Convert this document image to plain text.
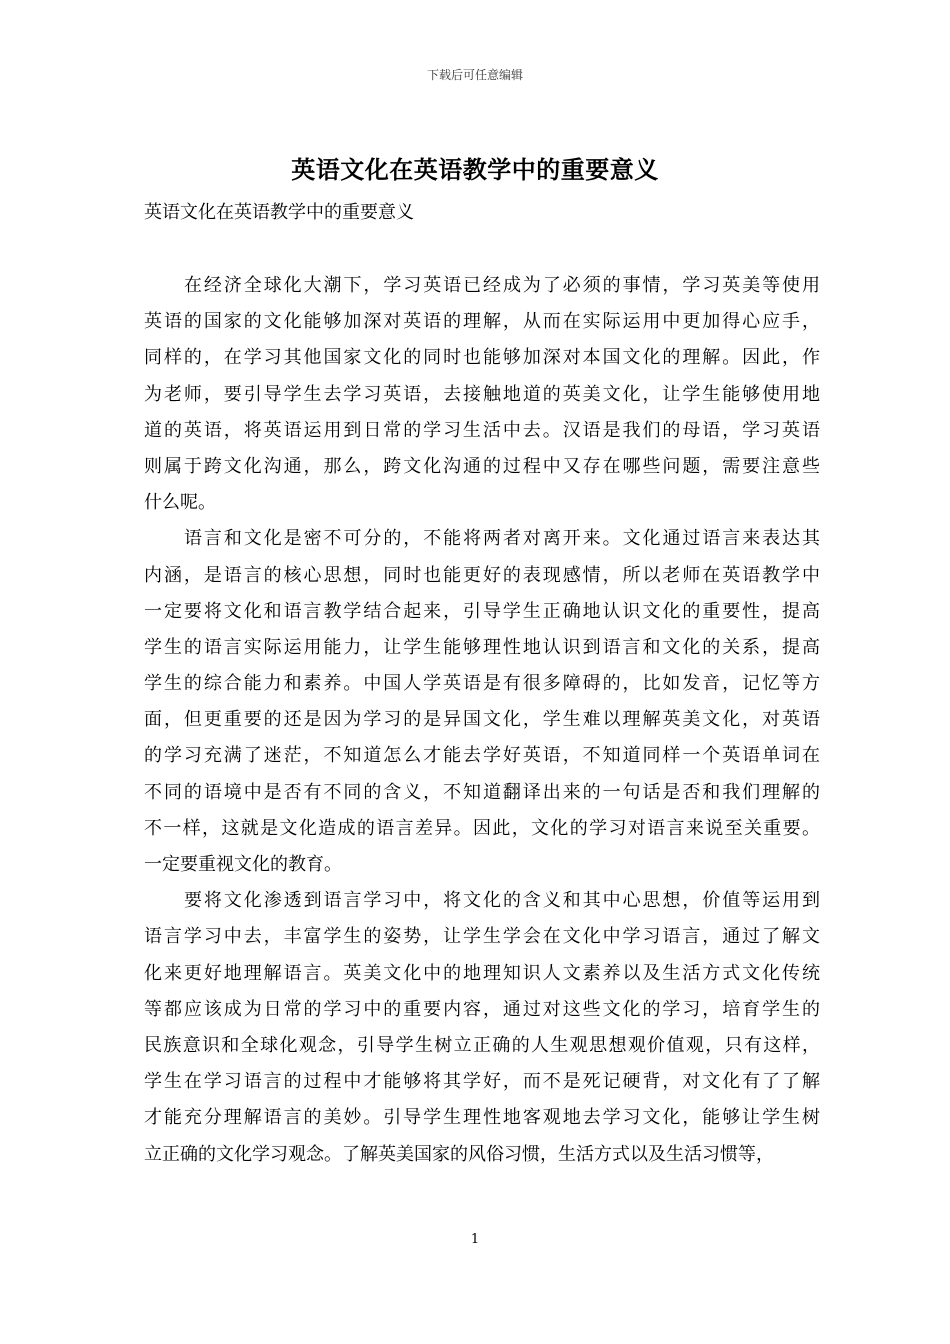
下载后可任意编辑
英语文化在英语教学中的重要意义
英语文化在英语教学中的重要意义
在经济全球化大潮下，学习英语已经成为了必须的事情，学习英美等使用
英语的国家的文化能够加深对英语的理解，从而在实际运用中更加得心应手，
同样的，在学习其他国家文化的同时也能够加深对本国文化的理解。因此，作
为老师，要引导学生去学习英语，去接触地道的英美文化，让学生能够使用地
道的英语，将英语运用到日常的学习生活中去。汉语是我们的母语，学习英语
则属于跨文化沟通，那么，跨文化沟通的过程中又存在哪些问题，需要注意些
什么呢。
语言和文化是密不可分的，不能将两者对离开来。文化通过语言来表达其
内涵，是语言的核心思想，同时也能更好的表现感情，所以老师在英语教学中
一定要将文化和语言教学结合起来，引导学生正确地认识文化的重要性，提高
学生的语言实际运用能力，让学生能够理性地认识到语言和文化的关系，提高
学生的综合能力和素养。中国人学英语是有很多障碍的，比如发音，记忆等方
面，但更重要的还是因为学习的是异国文化，学生难以理解英美文化，对英语
的学习充满了迷茫，不知道怎么才能去学好英语，不知道同样一个英语单词在
不同的语境中是否有不同的含义，不知道翻译出来的一句话是否和我们理解的
不一样，这就是文化造成的语言差异。因此，文化的学习对语言来说至关重要。
一定要重视文化的教育。
要将文化渗透到语言学习中，将文化的含义和其中心思想，价值等运用到
语言学习中去，丰富学生的姿势，让学生学会在文化中学习语言，通过了解文
化来更好地理解语言。英美文化中的地理知识人文素养以及生活方式文化传统
等都应该成为日常的学习中的重要内容，通过对这些文化的学习，培育学生的
民族意识和全球化观念，引导学生树立正确的人生观思想观价值观，只有这样，
学生在学习语言的过程中才能够将其学好，而不是死记硬背，对文化有了了解
才能充分理解语言的美妙。引导学生理性地客观地去学习文化，能够让学生树
立正确的文化学习观念。了解英美国家的风俗习惯，生活方式以及生活习惯等，
1
